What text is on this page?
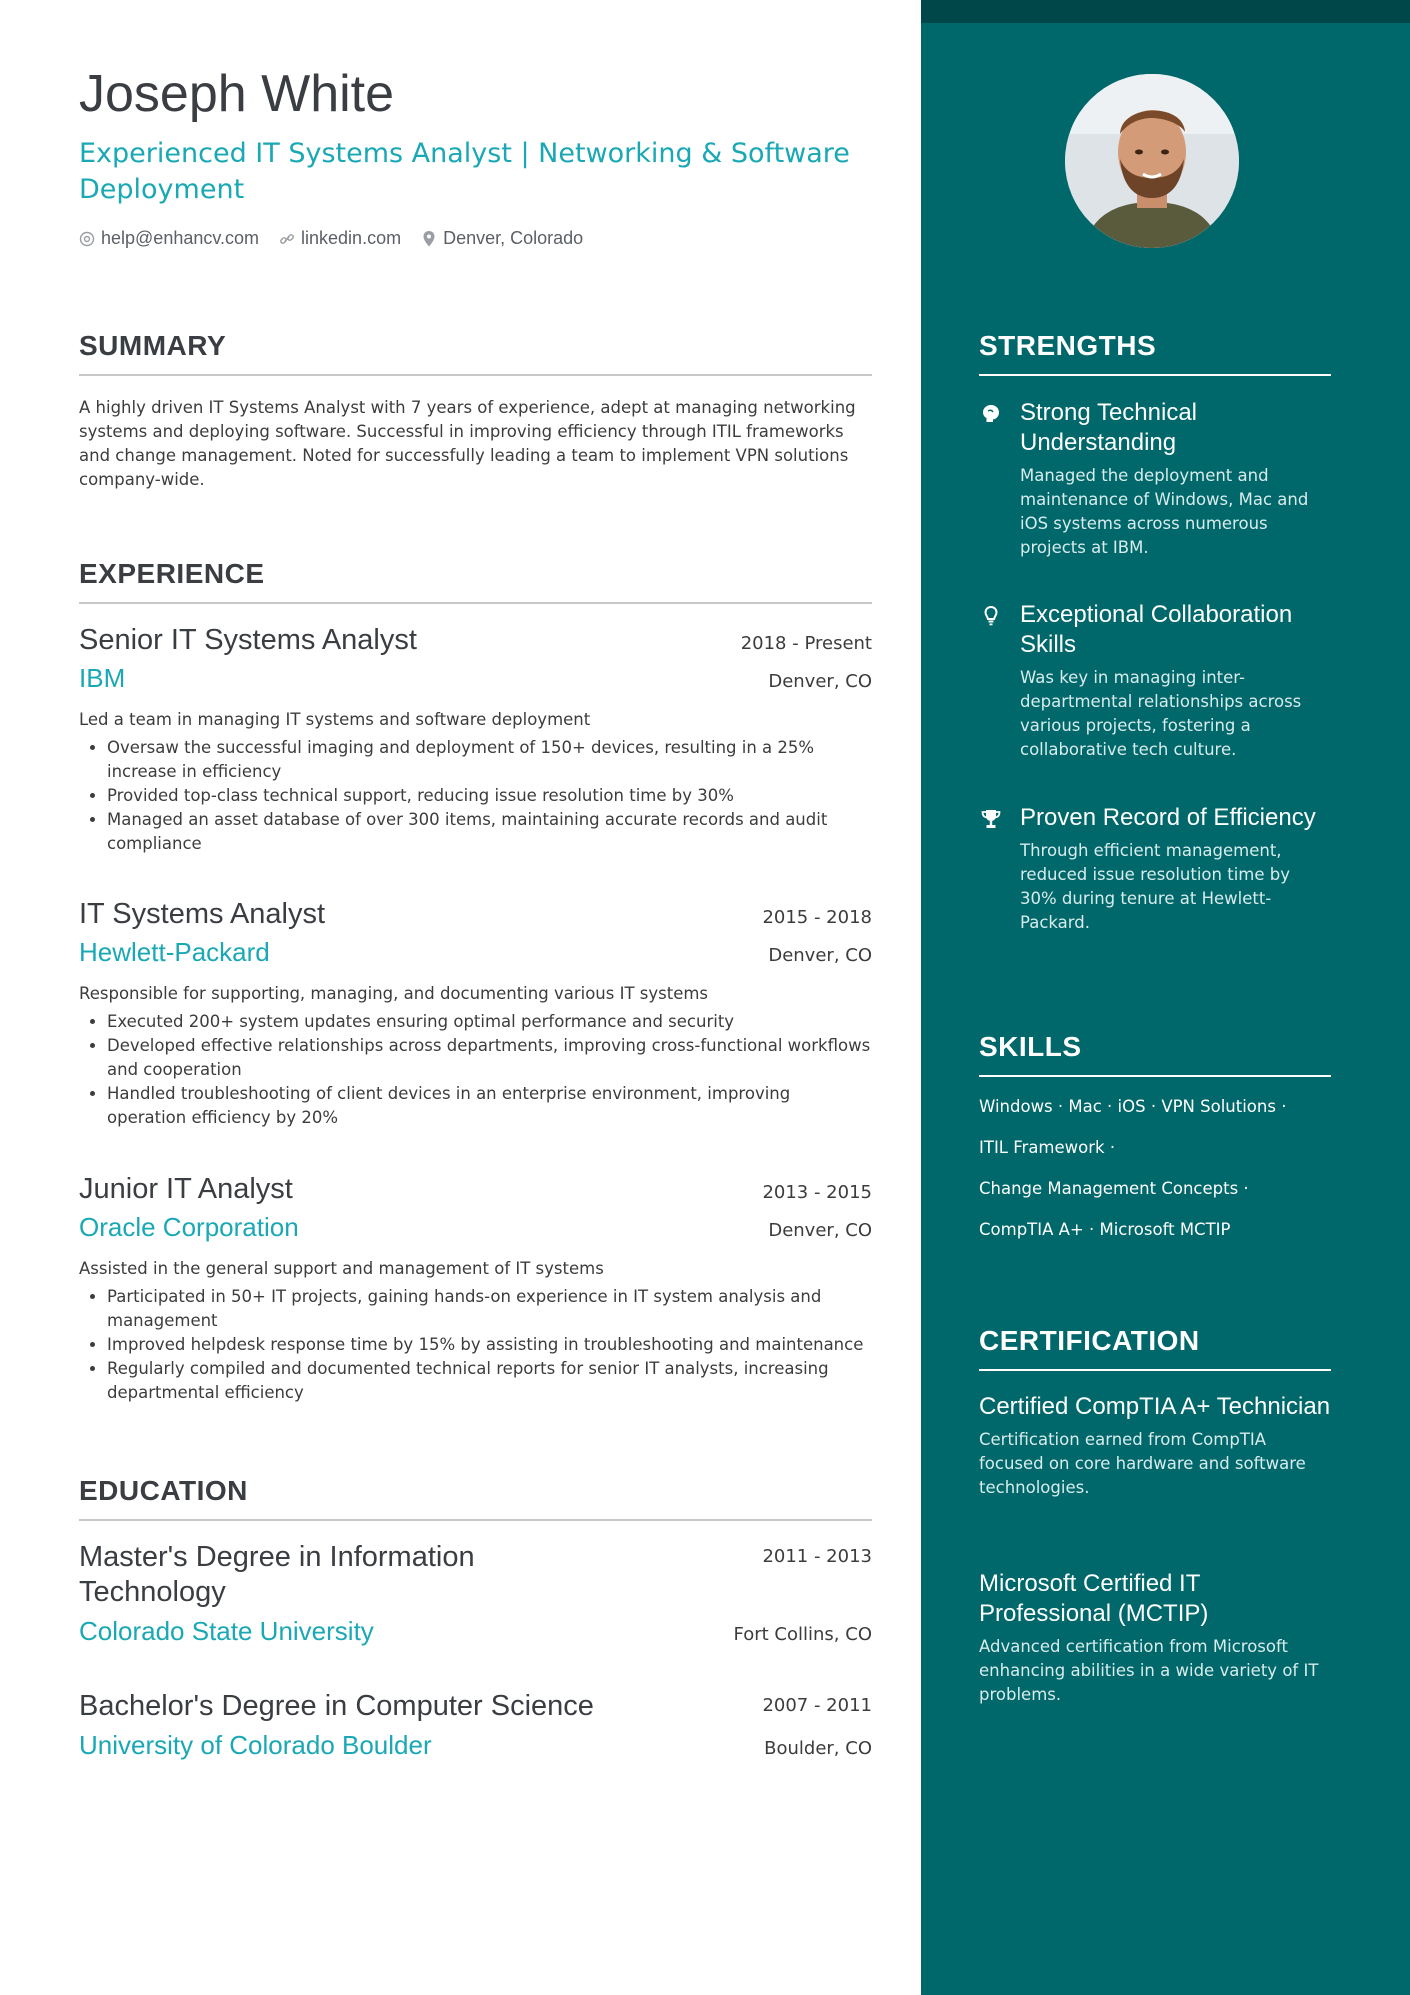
Joseph White
Experienced IT Systems Analyst | Networking & Software Deployment
help@enhancv.com linkedin.com Denver, Colorado
SUMMARY
A highly driven IT Systems Analyst with 7 years of experience, adept at managing networking systems and deploying software. Successful in improving efficiency through ITIL frameworks and change management. Noted for successfully leading a team to implement VPN solutions company-wide.
EXPERIENCE
Senior IT Systems Analyst	2018 - Present
IBM	Denver, CO
Led a team in managing IT systems and software deployment
• Oversaw the successful imaging and deployment of 150+ devices, resulting in a 25% increase in efficiency
• Provided top-class technical support, reducing issue resolution time by 30%
• Managed an asset database of over 300 items, maintaining accurate records and audit compliance
IT Systems Analyst	2015 - 2018
Hewlett-Packard	Denver, CO
Responsible for supporting, managing, and documenting various IT systems
• Executed 200+ system updates ensuring optimal performance and security
• Developed effective relationships across departments, improving cross-functional workflows and cooperation
• Handled troubleshooting of client devices in an enterprise environment, improving operation efficiency by 20%
Junior IT Analyst	2013 - 2015
Oracle Corporation	Denver, CO
Assisted in the general support and management of IT systems
• Participated in 50+ IT projects, gaining hands-on experience in IT system analysis and management
• Improved helpdesk response time by 15% by assisting in troubleshooting and maintenance
• Regularly compiled and documented technical reports for senior IT analysts, increasing departmental efficiency
EDUCATION
Master's Degree in Information Technology
2011 - 2013
Colorado State University	Fort Collins, CO
Bachelor's Degree in Computer Science	2007 - 2011
University of Colorado Boulder	Boulder, CO
STRENGTHS
Strong Technical Understanding
Managed the deployment and maintenance of Windows, Mac and iOS systems across numerous projects at IBM.
Exceptional Collaboration Skills
Was key in managing inter-departmental relationships across various projects, fostering a collaborative tech culture.
Proven Record of Efficiency
Through efficient management, reduced issue resolution time by 30% during tenure at Hewlett-Packard.
SKILLS
Windows · Mac · iOS · VPN Solutions ·
ITIL Framework ·
Change Management Concepts ·
CompTIA A+ · Microsoft MCTIP
CERTIFICATION
Certified CompTIA A+ Technician
Certification earned from CompTIA focused on core hardware and software technologies.
Microsoft Certified IT Professional (MCTIP)
Advanced certification from Microsoft enhancing abilities in a wide variety of IT problems.
